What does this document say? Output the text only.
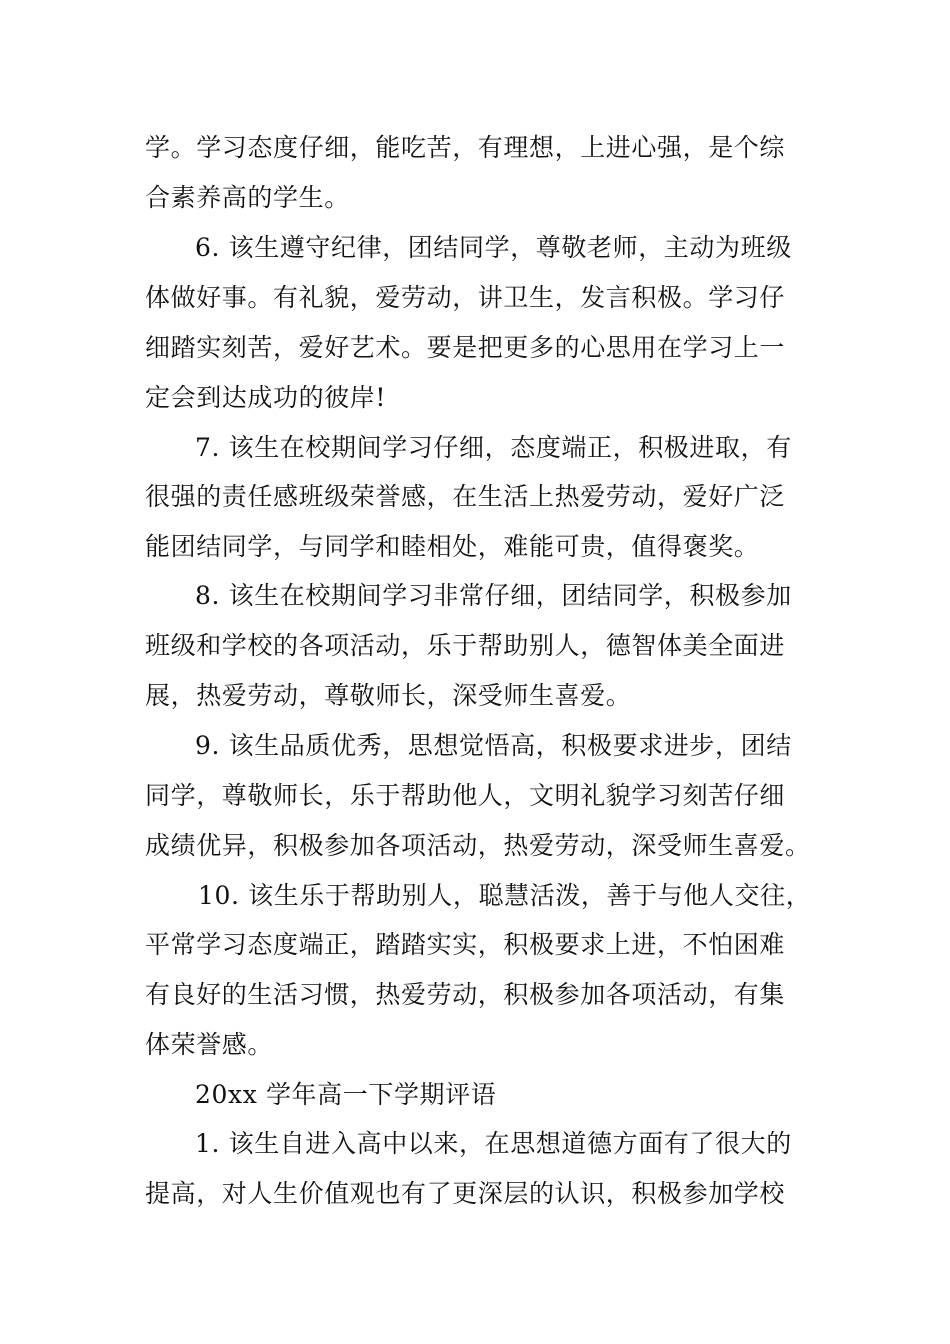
学。学习态度仔细，能吃苦，有理想，上进心强，是个综
合素养高的学生。
6. 该生遵守纪律，团结同学，尊敬老师，主动为班级
体做好事。有礼貌，爱劳动，讲卫生，发言积极。学习仔
细踏实刻苦，爱好艺术。要是把更多的心思用在学习上一
定会到达成功的彼岸!
7. 该生在校期间学习仔细，态度端正，积极进取，有
很强的责任感班级荣誉感，在生活上热爱劳动，爱好广泛
能团结同学，与同学和睦相处，难能可贵，值得褒奖。
8. 该生在校期间学习非常仔细，团结同学，积极参加
班级和学校的各项活动，乐于帮助别人，德智体美全面进
展，热爱劳动，尊敬师长，深受师生喜爱。
9. 该生品质优秀，思想觉悟高，积极要求进步，团结
同学，尊敬师长，乐于帮助他人，文明礼貌学习刻苦仔细
成绩优异，积极参加各项活动，热爱劳动，深受师生喜爱。
10. 该生乐于帮助别人，聪慧活泼，善于与他人交往，
平常学习态度端正，踏踏实实，积极要求上进，不怕困难
有良好的生活习惯，热爱劳动，积极参加各项活动，有集
体荣誉感。
20xx 学年高一下学期评语
1. 该生自进入高中以来，在思想道德方面有了很大的
提高，对人生价值观也有了更深层的认识，积极参加学校
